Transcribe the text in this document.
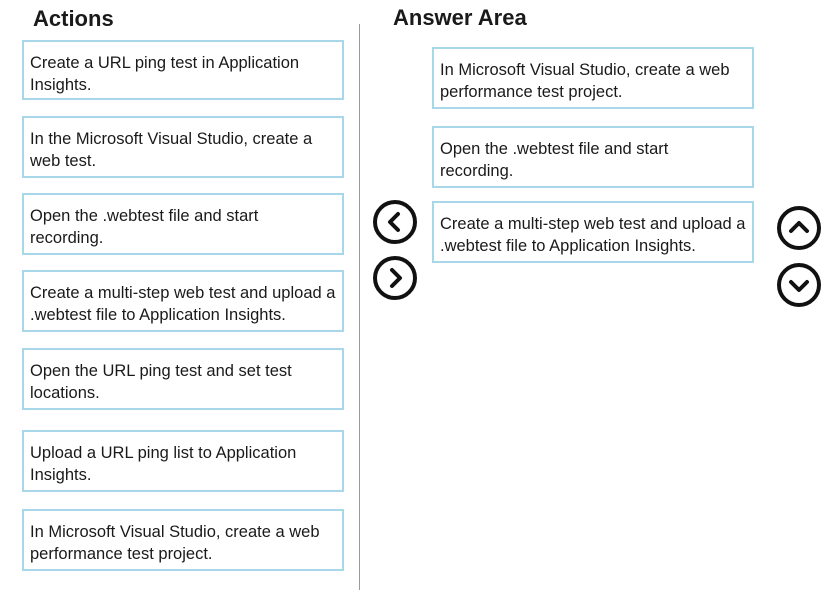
Actions	Answer Area
Create a URL ping test in Application Insights.
In the Microsoft Visual Studio, create a web test.
Open the .webtest file and start recording.
Create a multi-step web test and upload a .webtest file to Application Insights.
Open the URL ping test and set test locations.
Upload a URL ping list to Application Insights.
In Microsoft Visual Studio, create a web performance test project.
In Microsoft Visual Studio, create a web performance test project.
Open the .webtest file and start recording.
Create a multi-step web test and upload a .webtest file to Application Insights.
